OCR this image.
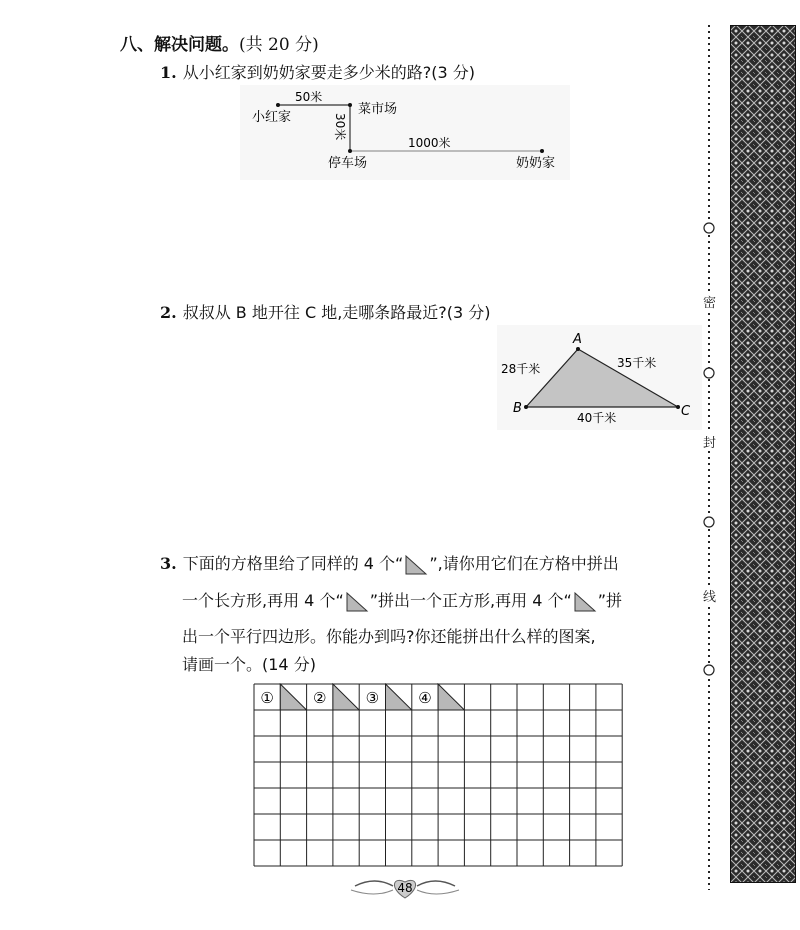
八、解决问题。(共 20 分)
1. 从小红家到奶奶家要走多少米的路?(3 分)
50米
小红家
菜市场
30米
1000米
停车场	奶奶家
2. 叔叔从 B 地开往 C 地,走哪条路最近?(3 分)
A
B	C
28千米	35千米
40千米
3. 下面的方格里给了同样的 4 个“ ”,请你用它们在方格中拼出
一个长方形,再用 4 个“ ”拼出一个正方形,再用 4 个“ ”拼
出一个平行四边形。你能办到吗?你还能拼出什么样的图案,
请画一个。(14 分)
①	②	③	④
48
密
封
线
